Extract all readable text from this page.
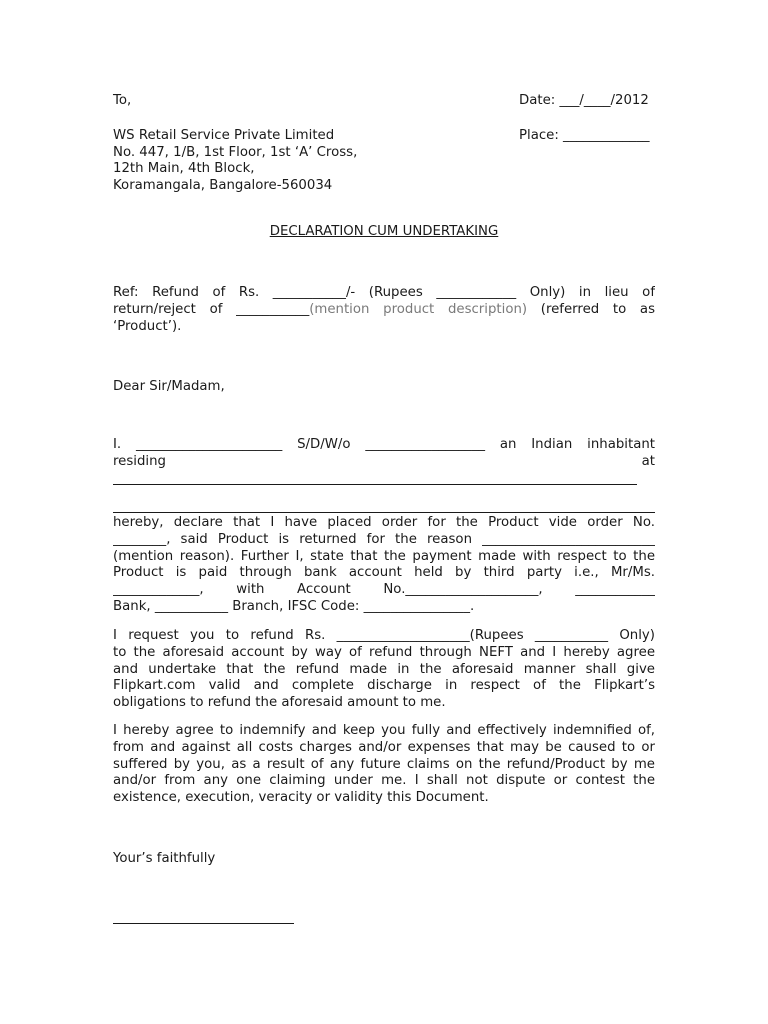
To,	Date: ___/____/2012
WS Retail Service Private Limited	Place: _____________
No. 447, 1/B, 1st Floor, 1st ‘A’ Cross,
12th Main, 4th Block,
Koramangala, Bangalore-560034
DECLARATION CUM UNDERTAKING
Ref: Refund of Rs. ___________/- (Rupees ____________ Only) in lieu of
return/reject of ___________(mention product description) (referred to as
‘Product’).
Dear Sir/Madam,
I. ______________________ S/D/W/o __________________ an Indian inhabitant
residing	at
hereby, declare that I have placed order for the Product vide order No.
________, said Product is returned for the reason __________________________
(mention reason). Further I, state that the payment made with respect to the
Product is paid through bank account held by third party i.e., Mr/Ms.
_____________, with Account No.____________________, ____________
Bank, ___________ Branch, IFSC Code: ________________.
I request you to refund Rs. ____________________(Rupees ___________ Only)
to the aforesaid account by way of refund through NEFT and I hereby agree
and undertake that the refund made in the aforesaid manner shall give
Flipkart.com valid and complete discharge in respect of the Flipkart’s
obligations to refund the aforesaid amount to me.
I hereby agree to indemnify and keep you fully and effectively indemnified of,
from and against all costs charges and/or expenses that may be caused to or
suffered by you, as a result of any future claims on the refund/Product by me
and/or from any one claiming under me. I shall not dispute or contest the
existence, execution, veracity or validity this Document.
Your’s faithfully
